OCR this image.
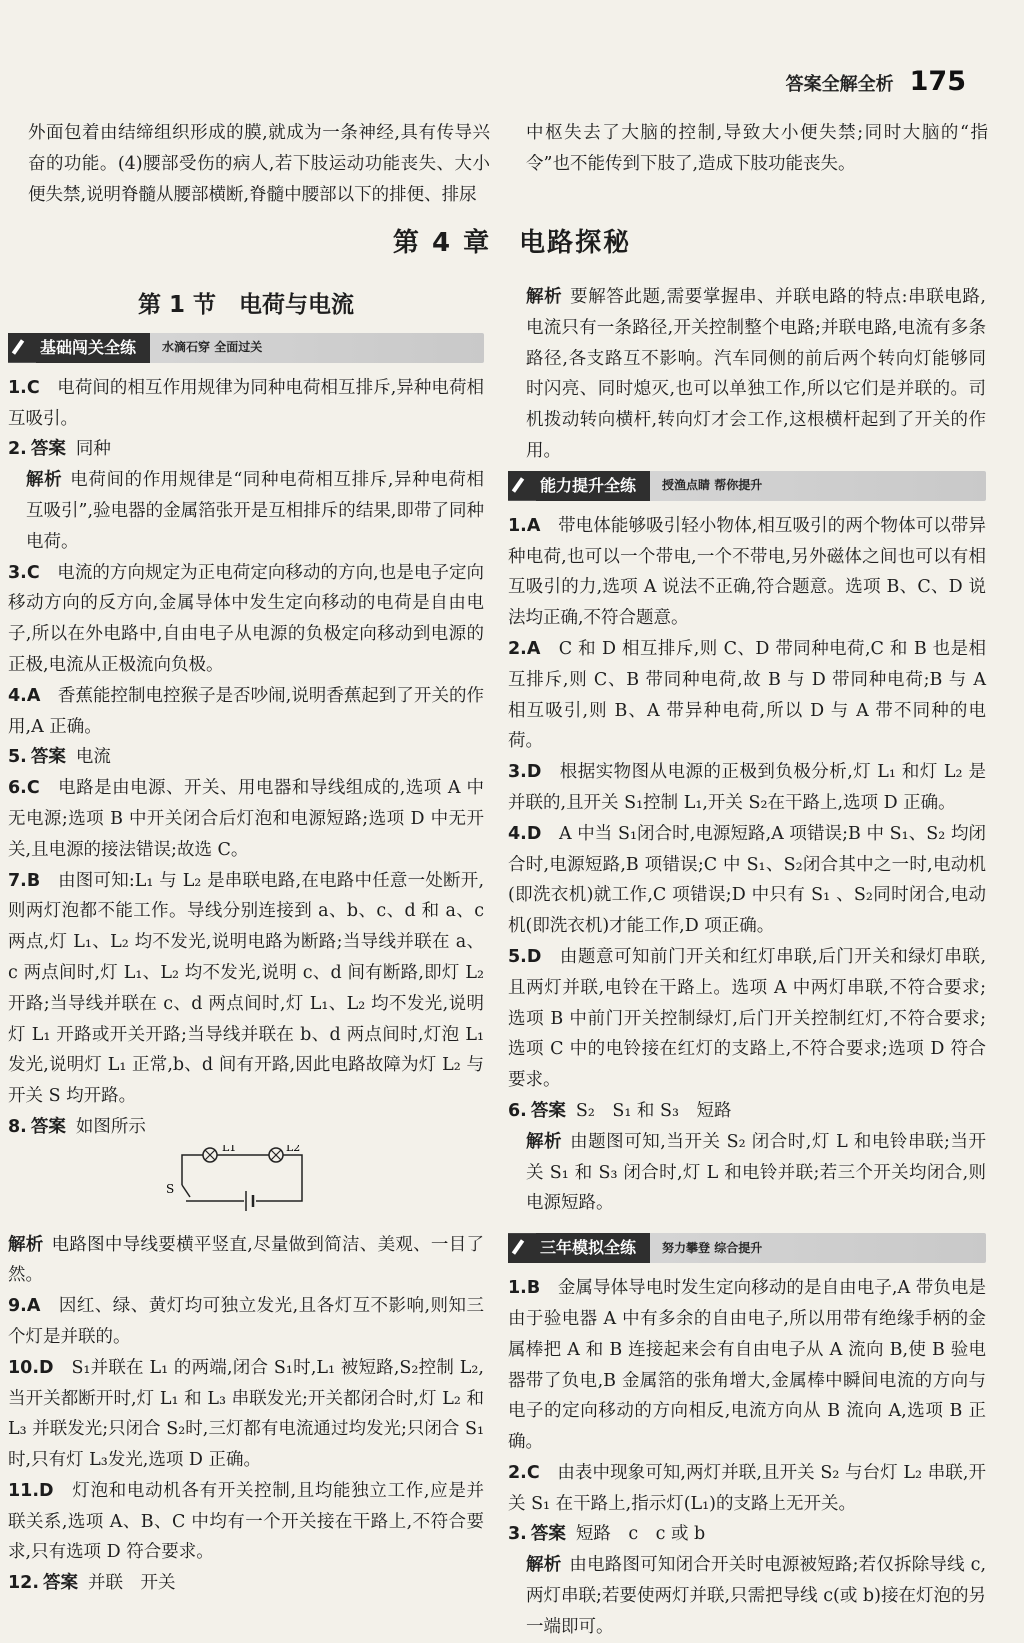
答案全解全析 175
外面包着由结缔组织形成的膜,就成为一条神经,具有传导兴奋的功能。(4)腰部受伤的病人,若下肢运动功能丧失、大小便失禁,说明脊髓从腰部横断,脊髓中腰部以下的排便、排尿
中枢失去了大脑的控制,导致大小便失禁;同时大脑的“指令”也不能传到下肢了,造成下肢功能丧失。
第 4 章　电路探秘
第 1 节　电荷与电流
基础闯关全练	水滴石穿 全面过关

1.C　 电荷间的相互作用规律为同种电荷相互排斥,异种电荷相互吸引。

2. 答案 同种

解析 电荷间的作用规律是“同种电荷相互排斥,异种电荷相互吸引”,验电器的金属箔张开是互相排斥的结果,即带了同种电荷。

3.C　 电流的方向规定为正电荷定向移动的方向,也是电子定向移动方向的反方向,金属导体中发生定向移动的电荷是自由电子,所以在外电路中,自由电子从电源的负极定向移动到电源的正极,电流从正极流向负极。

4.A　 香蕉能控制电控猴子是否吵闹,说明香蕉起到了开关的作用,A 正确。

5. 答案 电流

6.C　 电路是由电源、开关、用电器和导线组成的,选项 A 中无电源;选项 B 中开关闭合后灯泡和电源短路;选项 D 中无开关,且电源的接法错误;故选 C。

7.B　 由图可知:L₁ 与 L₂ 是串联电路,在电路中任意一处断开,则两灯泡都不能工作。导线分别连接到 a、b、c、d 和 a、c 两点,灯 L₁、L₂ 均不发光,说明电路为断路;当导线并联在 a、c 两点间时,灯 L₁、L₂ 均不发光,说明 c、d 间有断路,即灯 L₂ 开路;当导线并联在 c、d 两点间时,灯 L₁、L₂ 均不发光,说明灯 L₁ 开路或开关开路;当导线并联在 b、d 两点间时,灯泡 L₁ 发光,说明灯 L₁ 正常,b、d 间有开路,因此电路故障为灯 L₂ 与开关 S 均开路。

8. 答案 如图所示

S
L1	L2

解析 电路图中导线要横平竖直,尽量做到简洁、美观、一目了然。

9.A　 因红、绿、黄灯均可独立发光,且各灯互不影响,则知三个灯是并联的。

10.D　 S₁并联在 L₁ 的两端,闭合 S₁时,L₁ 被短路,S₂控制 L₂,当开关都断开时,灯 L₁ 和 L₃ 串联发光;开关都闭合时,灯 L₂ 和 L₃ 并联发光;只闭合 S₂时,三灯都有电流通过均发光;只闭合 S₁ 时,只有灯 L₃发光,选项 D 正确。

11.D　 灯泡和电动机各有开关控制,且均能独立工作,应是并联关系,选项 A、B、C 中均有一个开关接在干路上,不符合要求,只有选项 D 符合要求。

12. 答案 并联　开关

解析 要解答此题,需要掌握串、并联电路的特点:串联电路,电流只有一条路径,开关控制整个电路;并联电路,电流有多条路径,各支路互不影响。汽车同侧的前后两个转向灯能够同时闪亮、同时熄灭,也可以单独工作,所以它们是并联的。司机拨动转向横杆,转向灯才会工作,这根横杆起到了开关的作用。

能力提升全练	授渔点睛 帮你提升

1.A　 带电体能够吸引轻小物体,相互吸引的两个物体可以带异种电荷,也可以一个带电,一个不带电,另外磁体之间也可以有相互吸引的力,选项 A 说法不正确,符合题意。选项 B、C、D 说法均正确,不符合题意。

2.A　 C 和 D 相互排斥,则 C、D 带同种电荷,C 和 B 也是相互排斥,则 C、B 带同种电荷,故 B 与 D 带同种电荷;B 与 A 相互吸引,则 B、A 带异种电荷,所以 D 与 A 带不同种的电荷。

3.D　 根据实物图从电源的正极到负极分析,灯 L₁ 和灯 L₂ 是并联的,且开关 S₁控制 L₁,开关 S₂在干路上,选项 D 正确。

4.D　 A 中当 S₁闭合时,电源短路,A 项错误;B 中 S₁、S₂ 均闭合时,电源短路,B 项错误;C 中 S₁、S₂闭合其中之一时,电动机(即洗衣机)就工作,C 项错误;D 中只有 S₁ 、S₂同时闭合,电动机(即洗衣机)才能工作,D 项正确。

5.D　 由题意可知前门开关和红灯串联,后门开关和绿灯串联,且两灯并联,电铃在干路上。选项 A 中两灯串联,不符合要求;选项 B 中前门开关控制绿灯,后门开关控制红灯,不符合要求;选项 C 中的电铃接在红灯的支路上,不符合要求;选项 D 符合要求。

6. 答案 S₂　S₁ 和 S₃　短路

解析 由题图可知,当开关 S₂ 闭合时,灯 L 和电铃串联;当开关 S₁ 和 S₃ 闭合时,灯 L 和电铃并联;若三个开关均闭合,则电源短路。

三年模拟全练	努力攀登 综合提升

1.B　 金属导体导电时发生定向移动的是自由电子,A 带负电是由于验电器 A 中有多余的自由电子,所以用带有绝缘手柄的金属棒把 A 和 B 连接起来会有自由电子从 A 流向 B,使 B 验电器带了负电,B 金属箔的张角增大,金属棒中瞬间电流的方向与电子的定向移动的方向相反,电流方向从 B 流向 A,选项 B 正确。

2.C　 由表中现象可知,两灯并联,且开关 S₂ 与台灯 L₂ 串联,开关 S₁ 在干路上,指示灯(L₁)的支路上无开关。

3. 答案 短路　c　c 或 b

解析 由电路图可知闭合开关时电源被短路;若仅拆除导线 c,两灯串联;若要使两灯并联,只需把导线 c(或 b)接在灯泡的另一端即可。
